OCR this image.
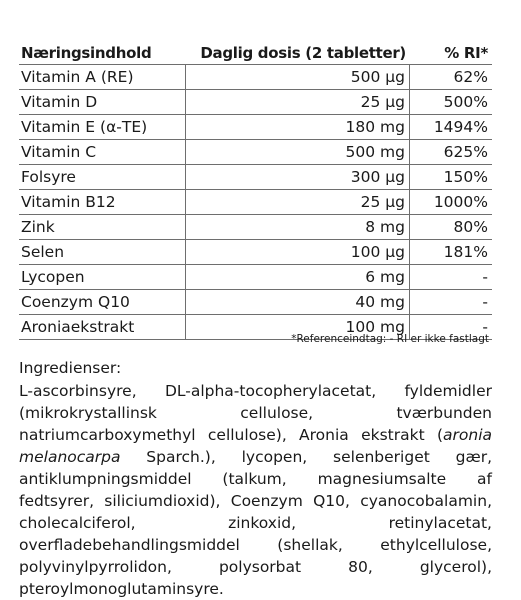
Næringsindhold	Daglig dosis (2 tabletter)	% RI*
Vitamin A (RE)	500 µg	62%
Vitamin D	25 µg	500%
Vitamin E (α-TE)	180 mg	1494%
Vitamin C	500 mg	625%
Folsyre	300 µg	150%
Vitamin B12	25 µg	1000%
Zink	8 mg	80%
Selen	100 µg	181%
Lycopen	6 mg	-
Coenzym Q10	40 mg	-
Aroniaekstrakt	100 mg	-
*Referenceindtag: - RI er ikke fastlagt
Ingredienser:
L-ascorbinsyre, DL-alpha-tocopherylacetat, fyldemidler (mikrokrystallinsk cellulose, tværbunden natriumcarboxymethyl cellulose), Aronia ekstrakt (aronia melanocarpa Sparch.), lycopen, selenberiget gær, antiklumpningsmiddel (talkum, magnesiumsalte af fedtsyrer, siliciumdioxid), Coenzym Q10, cyanocobalamin, cholecalciferol, zinkoxid, retinylacetat, overfladebehandlingsmiddel (shellak, ethylcellulose, polyvinylpyrrolidon, polysorbat 80, glycerol), pteroylmonoglutaminsyre.
